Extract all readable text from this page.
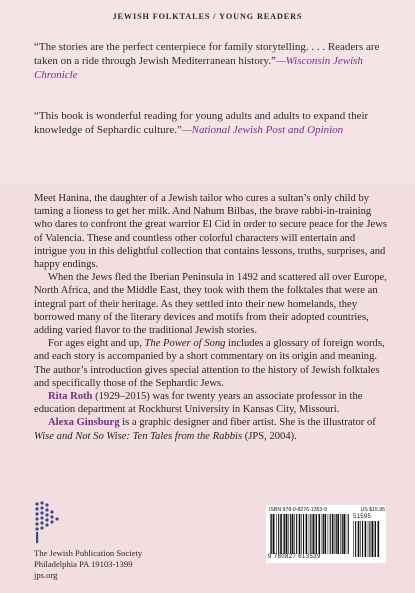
JEWISH FOLKTALES / YOUNG READERS
“The stories are the perfect centerpiece for family storytelling. . . . Readers are taken on a ride through Jewish Mediterranean history.”—Wisconsin Jewish Chronicle
“This book is wonderful reading for young adults and adults to expand their knowledge of Sephardic culture.”—National Jewish Post and Opinion

Meet Hanina, the daughter of a Jewish tailor who cures a sultan’s only child by taming a lioness to get her milk. And Nahum Bilbas, the brave rabbi-in-training who dares to confront the great warrior El Cid in order to secure peace for the Jews of Valencia. These and countless other colorful characters will entertain and intrigue you in this delightful collection that contains lessons, truths, surprises, and happy endings.

When the Jews fled the Iberian Peninsula in 1492 and scattered all over Europe, North Africa, and the Middle East, they took with them the folktales that were an integral part of their heritage. As they settled into their new homelands, they borrowed many of the literary devices and motifs from their adopted countries, adding varied flavor to the traditional Jewish stories.

For ages eight and up, The Power of Song includes a glossary of foreign words, and each story is accompanied by a short commentary on its origin and meaning. The author’s introduction gives special attention to the history of Jewish folktales and specifically those of the Sephardic Jews.

Rita Roth (1929–2015) was for twenty years an associate professor in the education department at Rockhurst University in Kansas City, Missouri.

Alexa Ginsburg is a graphic designer and fiber artist. She is the illustrator of Wise and Not So Wise: Ten Tales from the Rabbis (JPS, 2004).

The Jewish Publication Society
Philadelphia PA 19103-1399
jps.org
ISBN 978-0-8276-1353-9	US $15.95
9 780827 613539
51595
